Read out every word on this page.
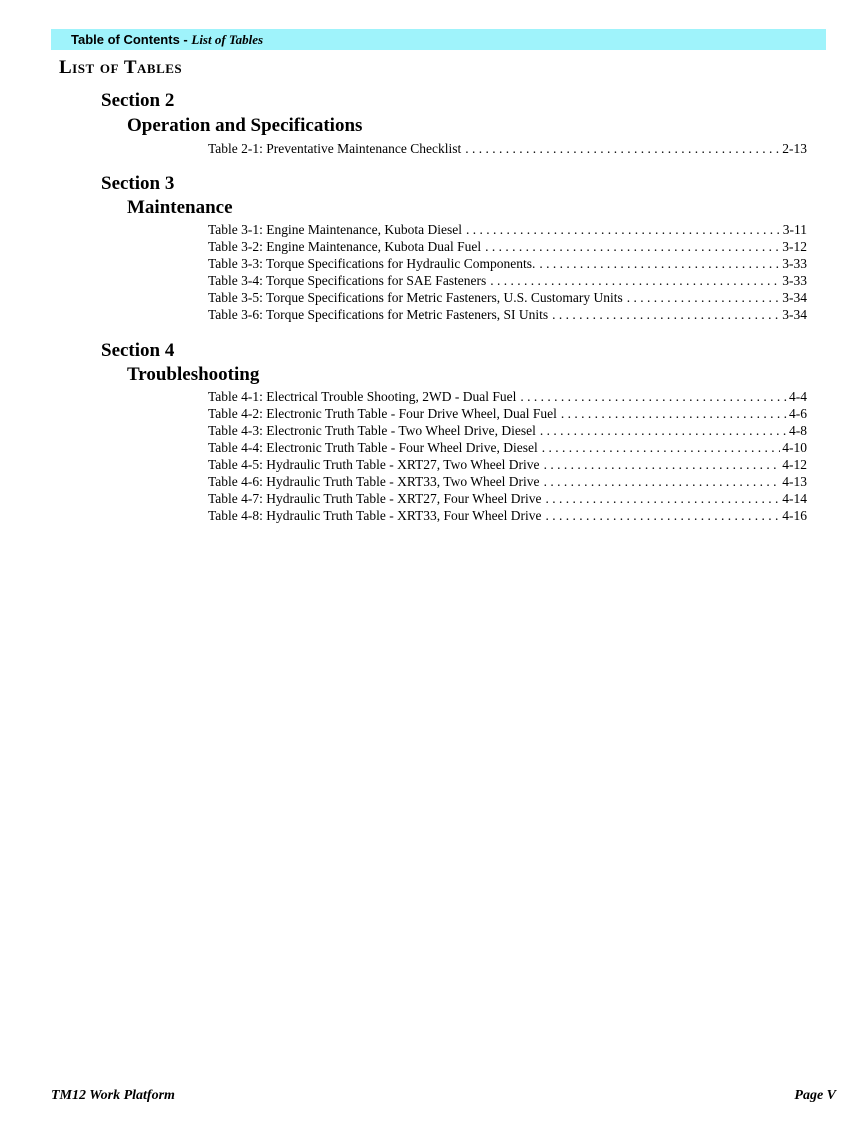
Table of Contents - List of Tables
List of Tables
Section 2
Operation and Specifications
Table 2-1: Preventative Maintenance Checklist . . .	2-13
Section 3
Maintenance
Table 3-1: Engine Maintenance, Kubota Diesel . . .	3-11
Table 3-2: Engine Maintenance, Kubota Dual Fuel . . .	3-12
Table 3-3: Torque Specifications for Hydraulic Components. . . .	3-33
Table 3-4: Torque Specifications for SAE Fasteners . . .	3-33
Table 3-5: Torque Specifications for Metric Fasteners, U.S. Customary Units . . .	3-34
Table 3-6: Torque Specifications for Metric Fasteners, SI Units . . .	3-34
Section 4
Troubleshooting
Table 4-1: Electrical Trouble Shooting, 2WD - Dual Fuel . . .	4-4
Table 4-2: Electronic Truth Table - Four Drive Wheel, Dual Fuel . . .	4-6
Table 4-3: Electronic Truth Table - Two Wheel Drive, Diesel . . .	4-8
Table 4-4: Electronic Truth Table - Four Wheel Drive, Diesel . . .	4-10
Table 4-5: Hydraulic Truth Table - XRT27, Two Wheel Drive . . .	4-12
Table 4-6: Hydraulic Truth Table - XRT33, Two Wheel Drive . . .	4-13
Table 4-7: Hydraulic Truth Table - XRT27, Four Wheel Drive . . .	4-14
Table 4-8: Hydraulic Truth Table - XRT33, Four Wheel Drive . . .	4-16
TM12 Work Platform	Page V
